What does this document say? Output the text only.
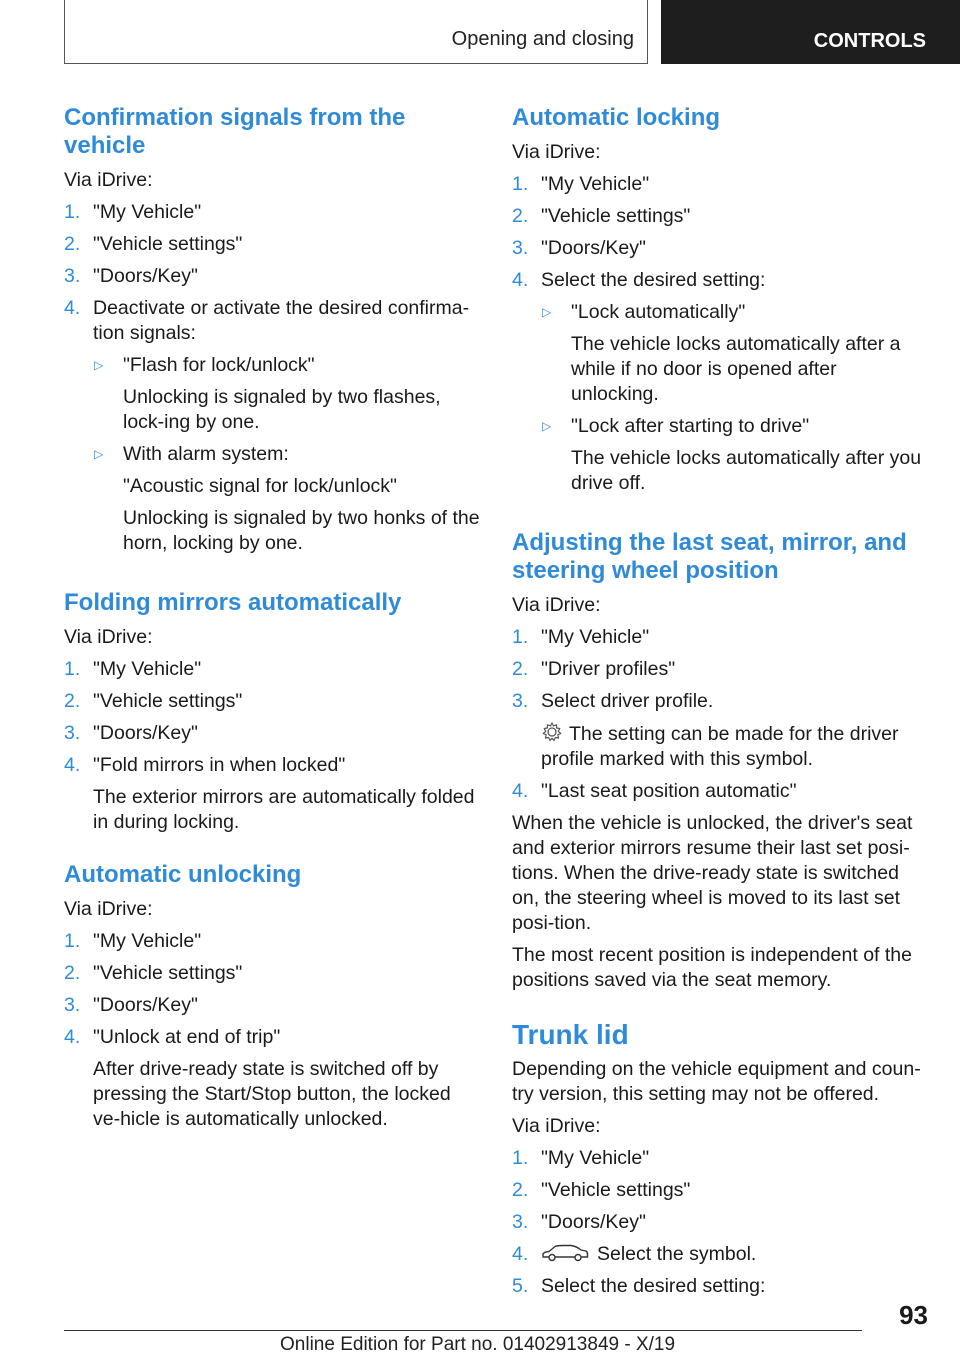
Opening and closing	CONTROLS
Confirmation signals from the vehicle

Via iDrive:

1. "My Vehicle"
2. "Vehicle settings"
3. "Doors/Key"
4. Deactivate or activate the desired confirma-tion signals:
▷	"Flash for lock/unlock"
Unlocking is signaled by two flashes, lock-ing by one.
▷	With alarm system:
"Acoustic signal for lock/unlock"
Unlocking is signaled by two honks of the horn, locking by one.
Folding mirrors automatically

Via iDrive:

1. "My Vehicle"
2. "Vehicle settings"
3. "Doors/Key"
4. "Fold mirrors in when locked"
The exterior mirrors are automatically folded in during locking.
Automatic unlocking

Via iDrive:

1. "My Vehicle"
2. "Vehicle settings"
3. "Doors/Key"
4. "Unlock at end of trip"
After drive-ready state is switched off by pressing the Start/Stop button, the locked ve-hicle is automatically unlocked.
Automatic locking

Via iDrive:

1. "My Vehicle"
2. "Vehicle settings"
3. "Doors/Key"
4. Select the desired setting:
▷	"Lock automatically"
The vehicle locks automatically after a while if no door is opened after unlocking.
▷	"Lock after starting to drive"
The vehicle locks automatically after you drive off.
Adjusting the last seat, mirror, and steering wheel position

Via iDrive:

1. "My Vehicle"
2. "Driver profiles"
3. Select driver profile.
The setting can be made for the driver profile marked with this symbol.
4. "Last seat position automatic"

When the vehicle is unlocked, the driver's seat and exterior mirrors resume their last set posi-tions. When the drive-ready state is switched on, the steering wheel is moved to its last set posi-tion.

The most recent position is independent of the positions saved via the seat memory.

Trunk lid

Depending on the vehicle equipment and coun-try version, this setting may not be offered.

Via iDrive:

1. "My Vehicle"
2. "Vehicle settings"
3. "Doors/Key"
4.	Select the symbol.
5. Select the desired setting:
93
Online Edition for Part no. 01402913849 - X/19
